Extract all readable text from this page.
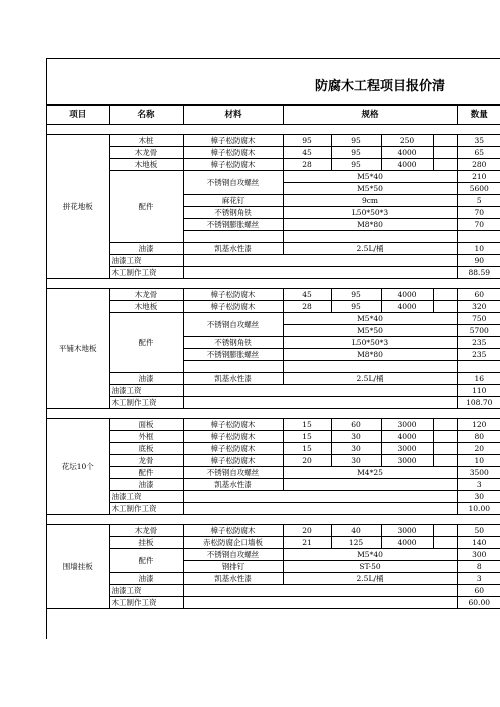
防腐木工程项目报价清
项目	名称	材料	规格				数量

拼花地板	木桩	樟子松防腐木	95	95	250		35
	木龙骨	樟子松防腐木	45	95	4000		65
	木地板	樟子松防腐木	28	95	4000		280
	配件	不锈钢自攻螺丝	M5*40				210
			M5*50				5600
		麻花钉	9cm				5
		不锈钢角铁	L50*50*3				70
		不锈钢膨胀螺丝	M8*80				70

	油漆	凯基水性漆	2.5L/桶				10
	油漆工资						90
	木工制作工资						88.59

平铺木地板	木龙骨	樟子松防腐木	45	95	4000		60
	木地板	樟子松防腐木	28	95	4000		320
	配件	不锈钢自攻螺丝	M5*40				750
			M5*50				5700
		不锈钢角铁	L50*50*3				235
		不锈钢膨胀螺丝	M8*80				235

	油漆	凯基水性漆	2.5L/桶				16
	油漆工资						110
	木工制作工资						108.70

花坛10个	面板	樟子松防腐木	15	60	3000		120
	外框	樟子松防腐木	15	30	4000		80
	底板	樟子松防腐木	15	30	3000		20
	龙骨	樟子松防腐木	20	30	3000		10
	配件	不锈钢自攻螺丝	M4*25				3500
	油漆	凯基水性漆					3
	油漆工资						30
	木工制作工资						10.00

围墙挂板	木龙骨	樟子松防腐木	20	40	3000		50
	挂板	赤松防腐企口墙板	21	125	4000		140
	配件	不锈钢自攻螺丝	M5*40				300
		钢排钉	ST-50				8
	油漆	凯基水性漆	2.5L/桶				3
	油漆工资						60
	木工制作工资						60.00
